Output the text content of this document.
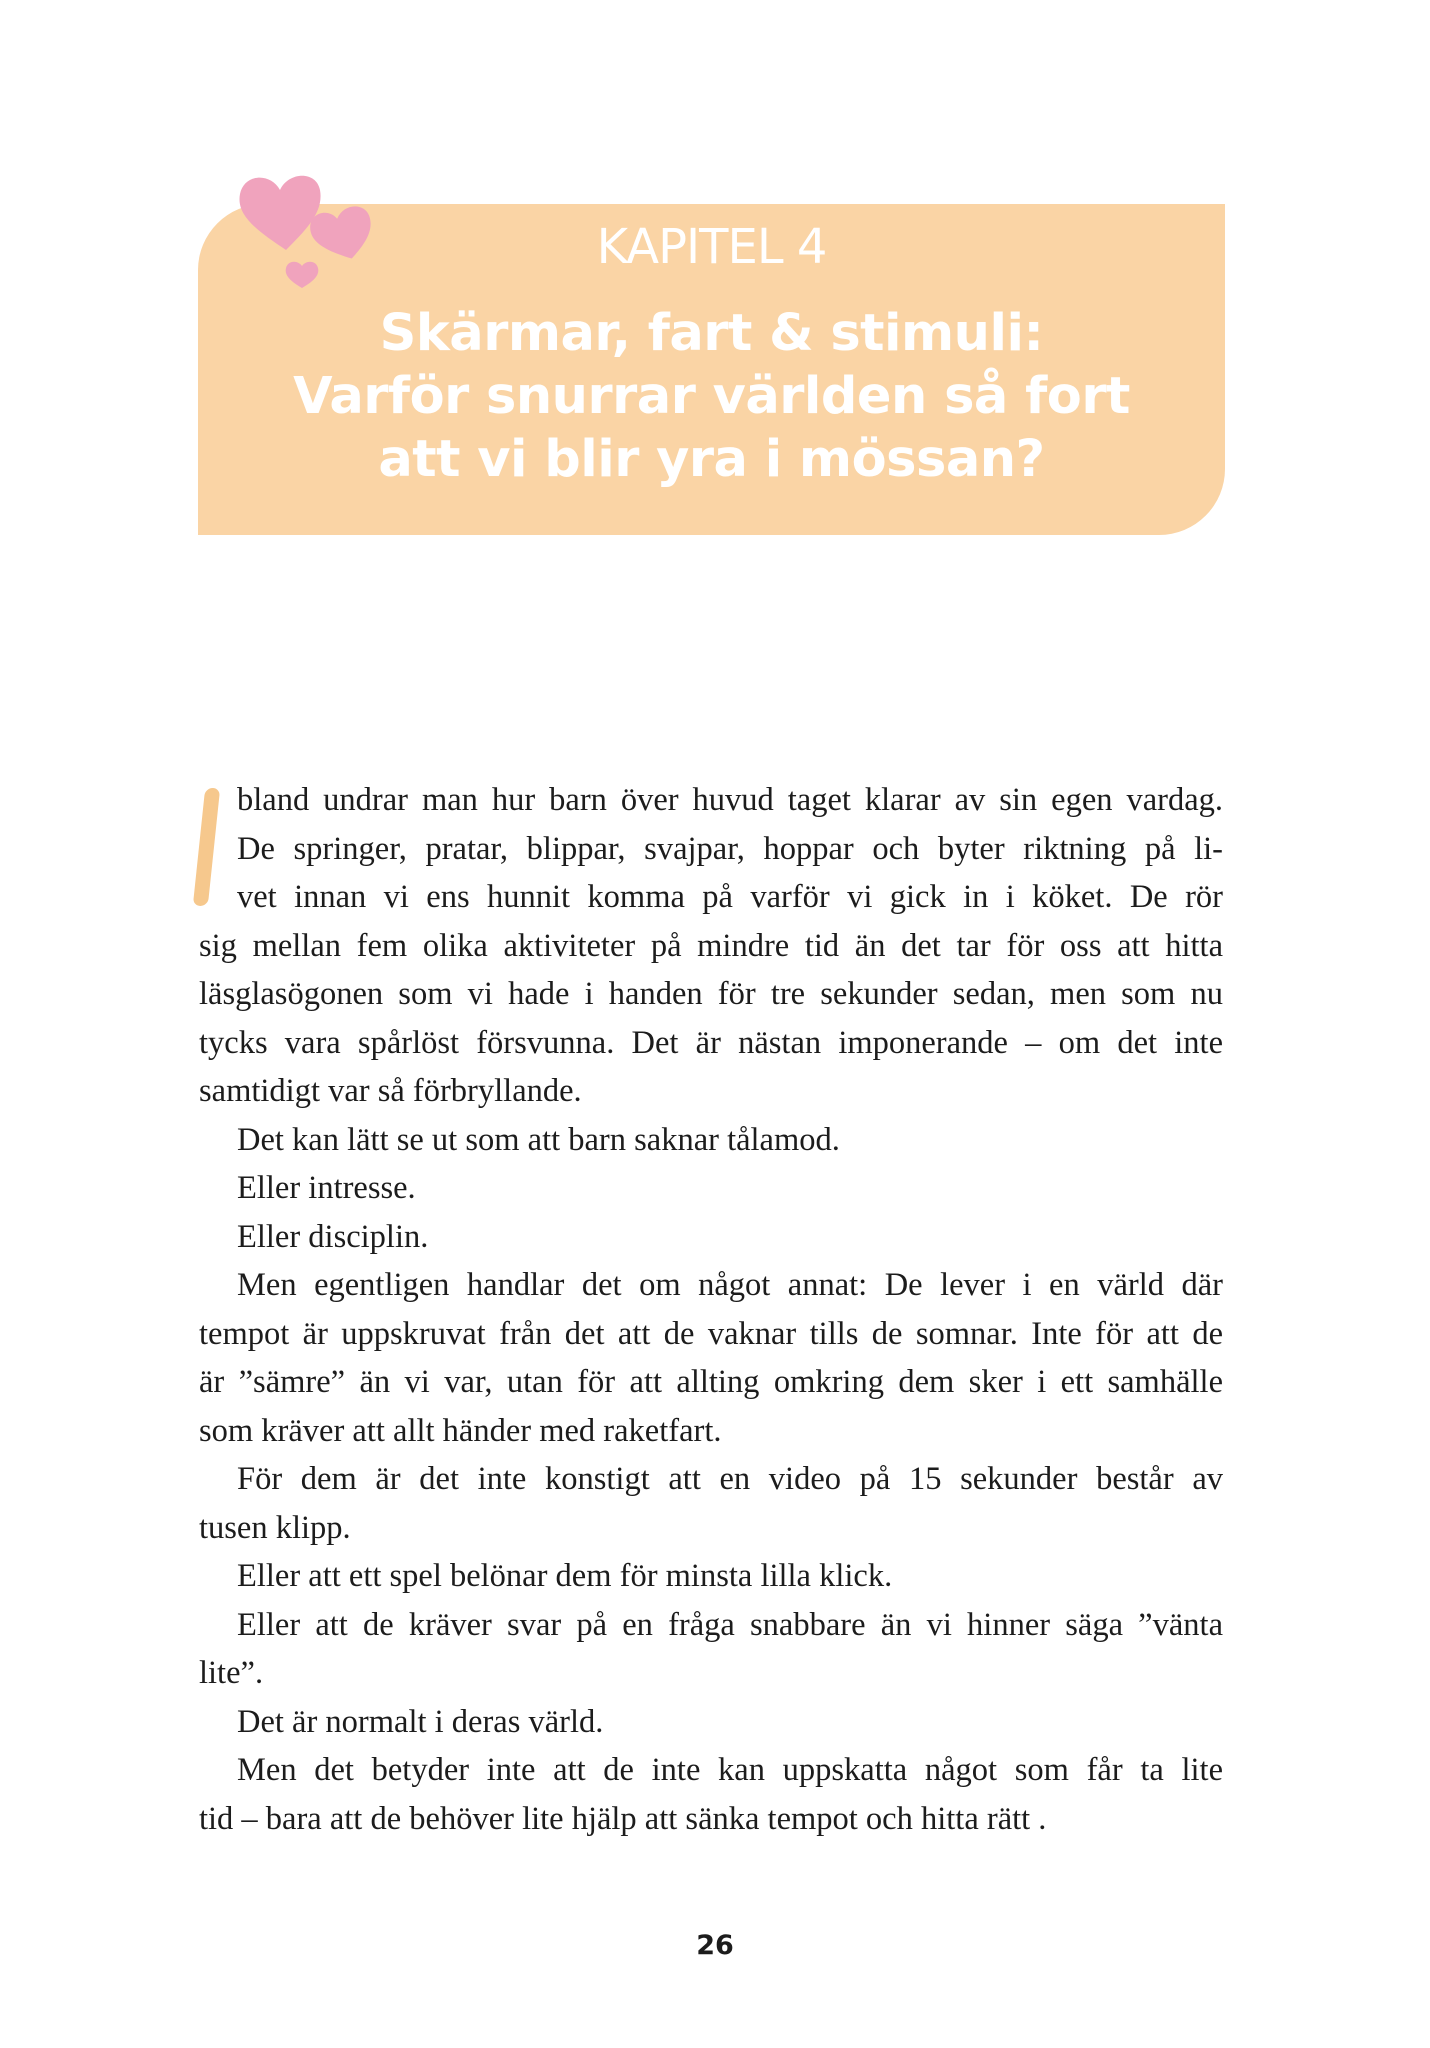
KAPITEL 4
Skärmar, fart & stimuli:
Varför snurrar världen så fort
att vi blir yra i mössan?
bland undrar man hur barn över huvud taget klarar av sin egen vardag.
De springer, pratar, blippar, svajpar, hoppar och byter riktning på li-
vet innan vi ens hunnit komma på varför vi gick in i köket. De rör
sig mellan fem olika aktiviteter på mindre tid än det tar för oss att hitta
läsglasögonen som vi hade i handen för tre sekunder sedan, men som nu
tycks vara spårlöst försvunna. Det är nästan imponerande – om det inte
samtidigt var så förbryllande.
Det kan lätt se ut som att barn saknar tålamod.
Eller intresse.
Eller disciplin.
Men egentligen handlar det om något annat: De lever i en värld där
tempot är uppskruvat från det att de vaknar tills de somnar. Inte för att de
är ”sämre” än vi var, utan för att allting omkring dem sker i ett samhälle
som kräver att allt händer med raketfart.
För dem är det inte konstigt att en video på 15 sekunder består av
tusen klipp.
Eller att ett spel belönar dem för minsta lilla klick.
Eller att de kräver svar på en fråga snabbare än vi hinner säga ”vänta
lite”.
Det är normalt i deras värld.
Men det betyder inte att de inte kan uppskatta något som får ta lite
tid – bara att de behöver lite hjälp att sänka tempot och hitta rätt .
26
